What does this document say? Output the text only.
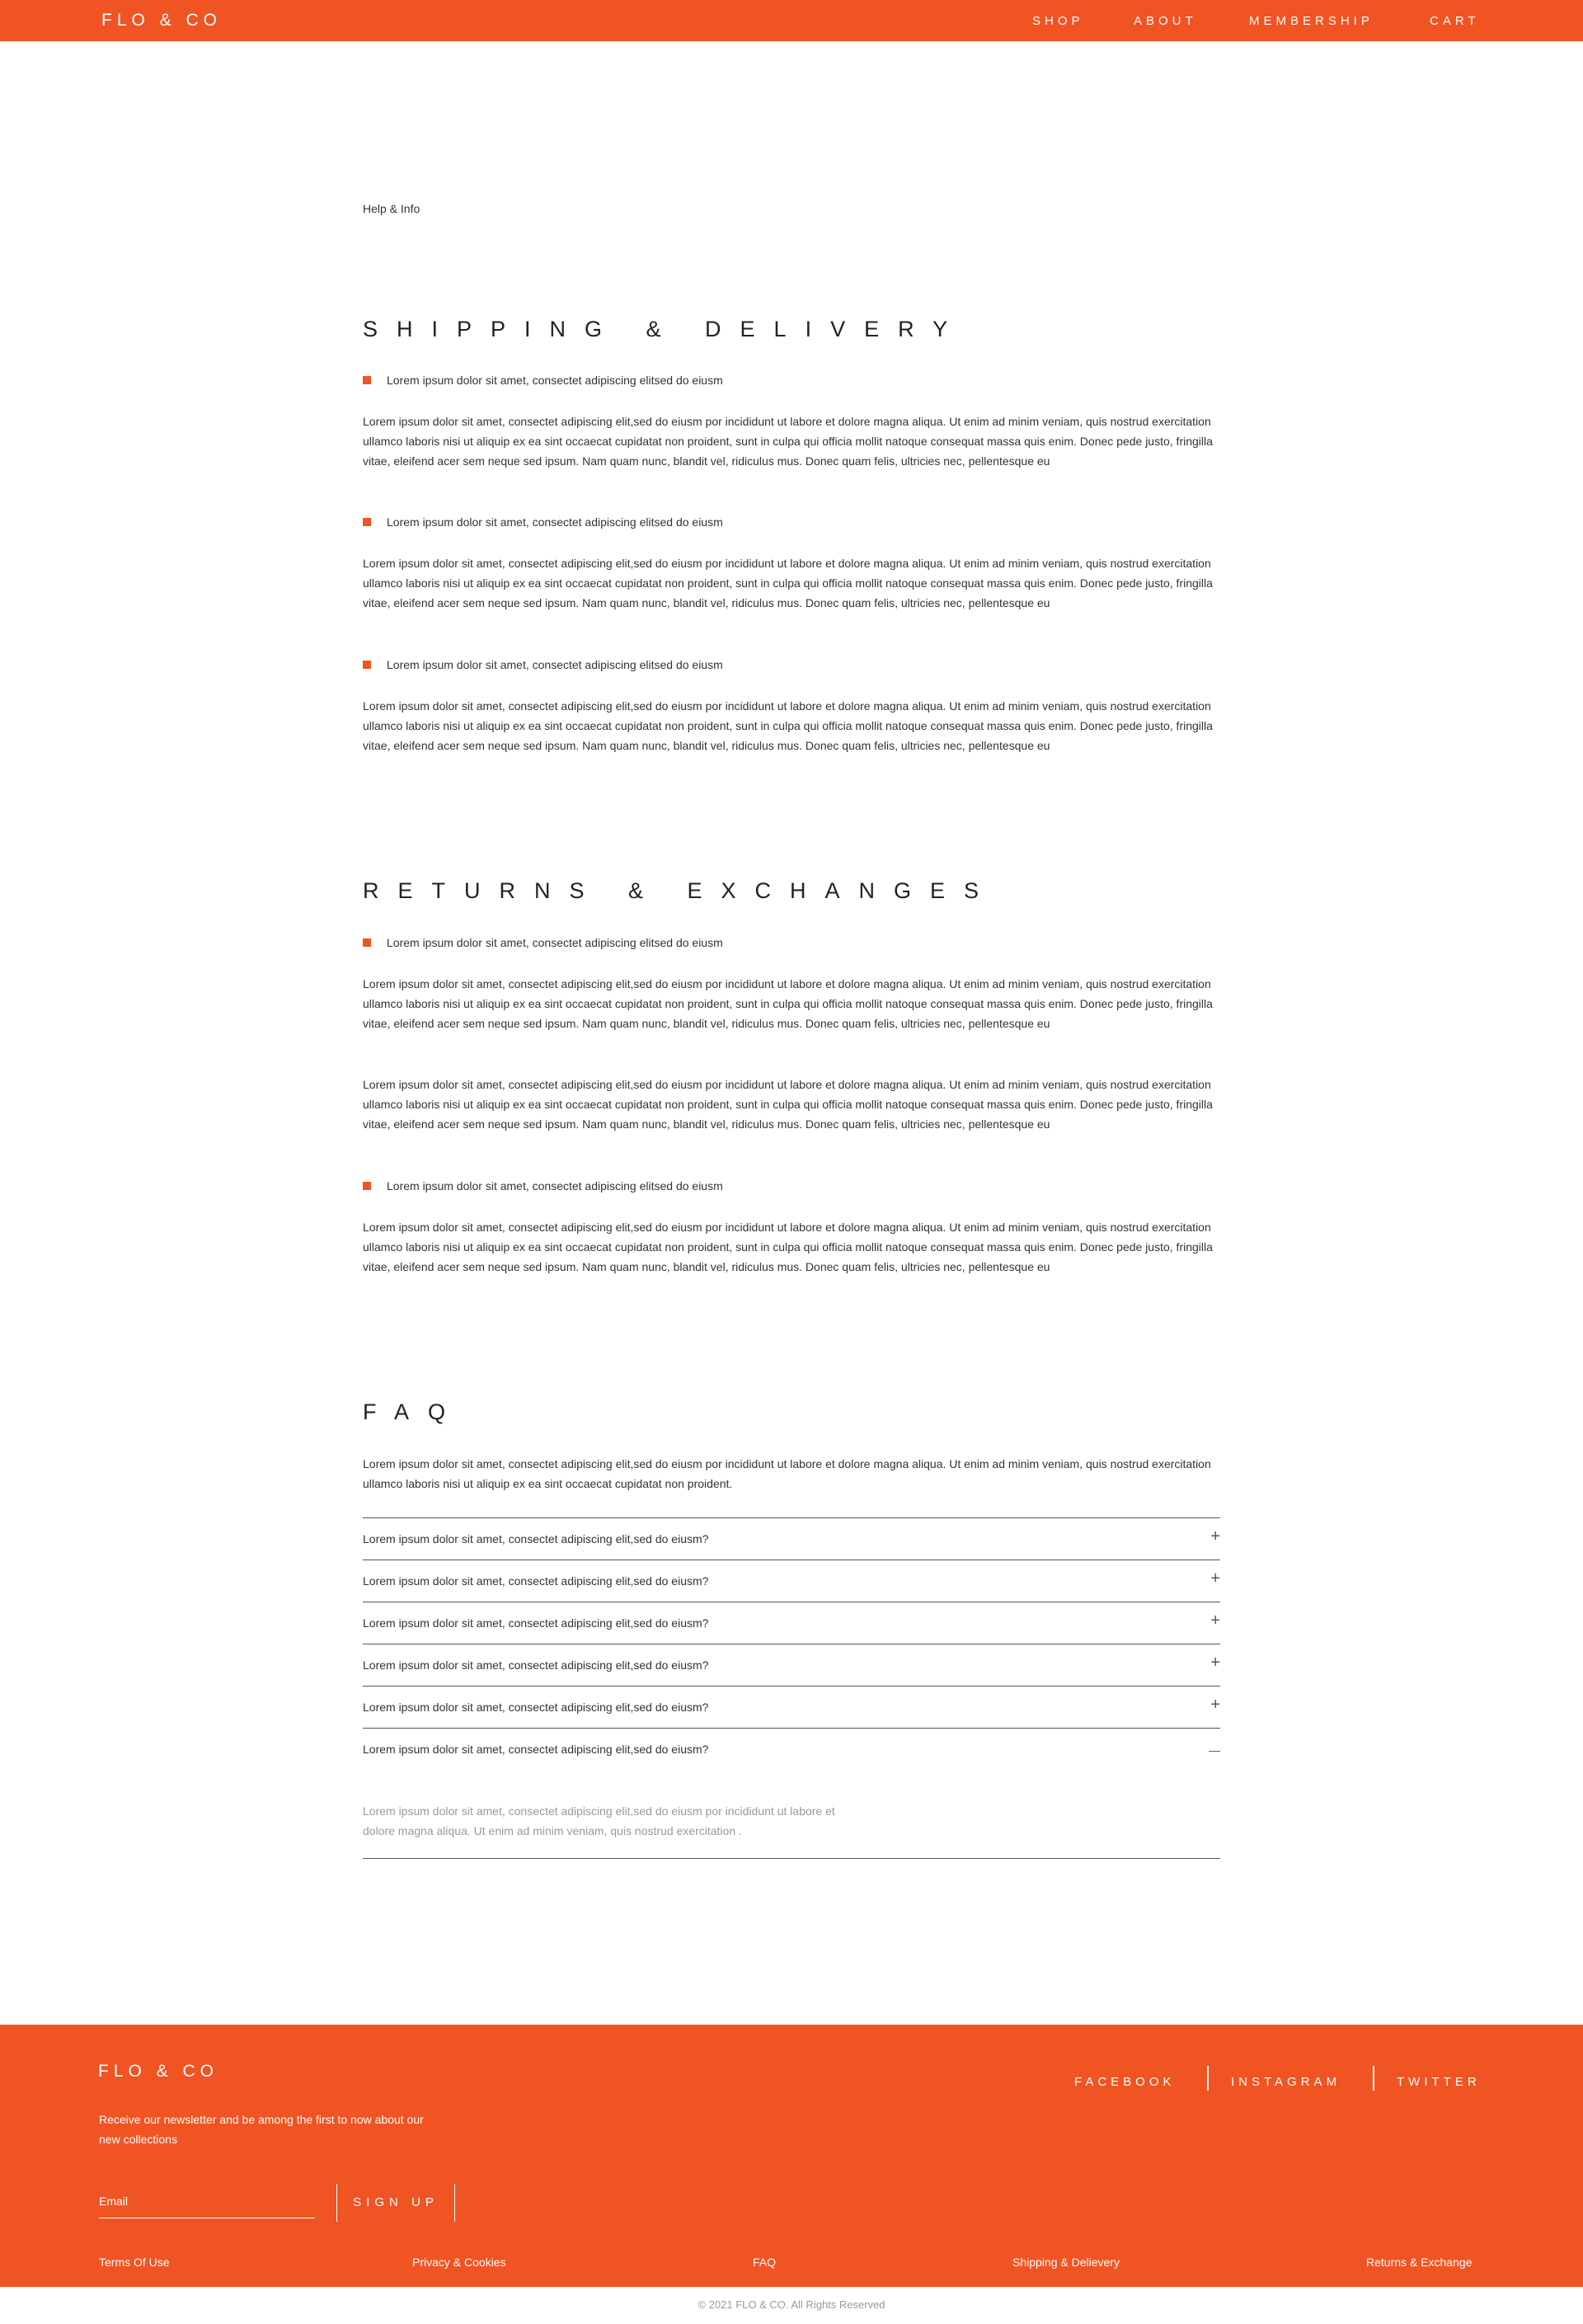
FLO & CO	SHOP	ABOUT	MEMBERSHIP	CART
Help & Info
SHIPPING & DELIVERY
Lorem ipsum dolor sit amet, consectet adipiscing elitsed do eiusm
Lorem ipsum dolor sit amet, consectet adipiscing elit,sed do eiusm por incididunt ut labore et dolore magna aliqua. Ut enim ad minim veniam, quis nostrud exercitation ullamco laboris nisi ut aliquip ex ea sint occaecat cupidatat non proident, sunt in culpa qui officia mollit natoque consequat massa quis enim. Donec pede justo, fringilla vitae, eleifend acer sem neque sed ipsum. Nam quam nunc, blandit vel, ridiculus mus. Donec quam felis, ultricies nec, pellentesque eu
Lorem ipsum dolor sit amet, consectet adipiscing elitsed do eiusm
Lorem ipsum dolor sit amet, consectet adipiscing elit,sed do eiusm por incididunt ut labore et dolore magna aliqua. Ut enim ad minim veniam, quis nostrud exercitation ullamco laboris nisi ut aliquip ex ea sint occaecat cupidatat non proident, sunt in culpa qui officia mollit natoque consequat massa quis enim. Donec pede justo, fringilla vitae, eleifend acer sem neque sed ipsum. Nam quam nunc, blandit vel, ridiculus mus. Donec quam felis, ultricies nec, pellentesque eu
Lorem ipsum dolor sit amet, consectet adipiscing elitsed do eiusm
Lorem ipsum dolor sit amet, consectet adipiscing elit,sed do eiusm por incididunt ut labore et dolore magna aliqua. Ut enim ad minim veniam, quis nostrud exercitation ullamco laboris nisi ut aliquip ex ea sint occaecat cupidatat non proident, sunt in culpa qui officia mollit natoque consequat massa quis enim. Donec pede justo, fringilla vitae, eleifend acer sem neque sed ipsum. Nam quam nunc, blandit vel, ridiculus mus. Donec quam felis, ultricies nec, pellentesque eu
RETURNS & EXCHANGES
Lorem ipsum dolor sit amet, consectet adipiscing elitsed do eiusm
Lorem ipsum dolor sit amet, consectet adipiscing elit,sed do eiusm por incididunt ut labore et dolore magna aliqua. Ut enim ad minim veniam, quis nostrud exercitation ullamco laboris nisi ut aliquip ex ea sint occaecat cupidatat non proident, sunt in culpa qui officia mollit natoque consequat massa quis enim. Donec pede justo, fringilla vitae, eleifend acer sem neque sed ipsum. Nam quam nunc, blandit vel, ridiculus mus. Donec quam felis, ultricies nec, pellentesque eu
Lorem ipsum dolor sit amet, consectet adipiscing elit,sed do eiusm por incididunt ut labore et dolore magna aliqua. Ut enim ad minim veniam, quis nostrud exercitation ullamco laboris nisi ut aliquip ex ea sint occaecat cupidatat non proident, sunt in culpa qui officia mollit natoque consequat massa quis enim. Donec pede justo, fringilla vitae, eleifend acer sem neque sed ipsum. Nam quam nunc, blandit vel, ridiculus mus. Donec quam felis, ultricies nec, pellentesque eu
Lorem ipsum dolor sit amet, consectet adipiscing elitsed do eiusm
Lorem ipsum dolor sit amet, consectet adipiscing elit,sed do eiusm por incididunt ut labore et dolore magna aliqua. Ut enim ad minim veniam, quis nostrud exercitation ullamco laboris nisi ut aliquip ex ea sint occaecat cupidatat non proident, sunt in culpa qui officia mollit natoque consequat massa quis enim. Donec pede justo, fringilla vitae, eleifend acer sem neque sed ipsum. Nam quam nunc, blandit vel, ridiculus mus. Donec quam felis, ultricies nec, pellentesque eu
FAQ
Lorem ipsum dolor sit amet, consectet adipiscing elit,sed do eiusm por incididunt ut labore et dolore magna aliqua. Ut enim ad minim veniam, quis nostrud exercitation ullamco laboris nisi ut aliquip ex ea sint occaecat cupidatat non proident.
Lorem ipsum dolor sit amet, consectet adipiscing elit,sed do eiusm?	+
Lorem ipsum dolor sit amet, consectet adipiscing elit,sed do eiusm?	+
Lorem ipsum dolor sit amet, consectet adipiscing elit,sed do eiusm?	+
Lorem ipsum dolor sit amet, consectet adipiscing elit,sed do eiusm?	+
Lorem ipsum dolor sit amet, consectet adipiscing elit,sed do eiusm?	+
Lorem ipsum dolor sit amet, consectet adipiscing elit,sed do eiusm?	—
Lorem ipsum dolor sit amet, consectet adipiscing elit,sed do eiusm por incididunt ut labore et dolore magna aliqua. Ut enim ad minim veniam, quis nostrud exercitation .
FLO & CO
Receive our newsletter and be among the first to now about our new collections
Email	SIGN UP
FACEBOOK	INSTAGRAM	TWITTER
Terms Of Use	Privacy & Cookies	FAQ	Shipping & Delievery	Returns & Exchange
© 2021 FLO & CO. All Rights Reserved
